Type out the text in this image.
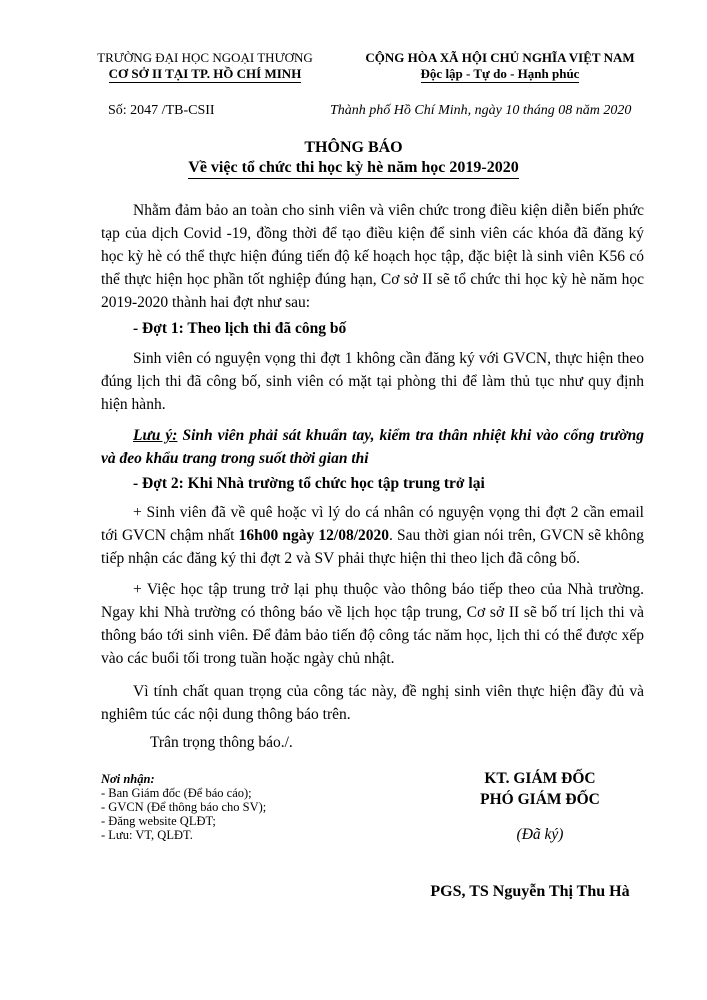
TRƯỜNG ĐẠI HỌC NGOẠI THƯƠNG
CƠ SỞ II TẠI TP. HỒ CHÍ MINH
CỘNG HÒA XÃ HỘI CHỦ NGHĨA VIỆT NAM
Độc lập - Tự do - Hạnh phúc
Số: 2047 /TB-CSII	Thành phố Hồ Chí Minh, ngày 10 tháng 08 năm 2020
THÔNG BÁO
Về việc tổ chức thi học kỳ hè năm học 2019-2020
Nhằm đảm bảo an toàn cho sinh viên và viên chức trong điều kiện diễn biến phức tạp của dịch Covid -19, đồng thời để tạo điều kiện để sinh viên các khóa đã đăng ký học kỳ hè có thể thực hiện đúng tiến độ kế hoạch học tập, đặc biệt là sinh viên K56 có thể thực hiện học phần tốt nghiệp đúng hạn, Cơ sở II sẽ tổ chức thi học kỳ hè năm học 2019-2020 thành hai đợt như sau:
- Đợt 1: Theo lịch thi đã công bố
Sinh viên có nguyện vọng thi đợt 1 không cần đăng ký với GVCN, thực hiện theo đúng lịch thi đã công bố, sinh viên có mặt tại phòng thi để làm thủ tục như quy định hiện hành.
Lưu ý: Sinh viên phải sát khuẩn tay, kiểm tra thân nhiệt khi vào cổng trường và đeo khẩu trang trong suốt thời gian thi
- Đợt 2: Khi Nhà trường tổ chức học tập trung trở lại
+ Sinh viên đã về quê hoặc vì lý do cá nhân có nguyện vọng thi đợt 2 cần email tới GVCN chậm nhất 16h00 ngày 12/08/2020. Sau thời gian nói trên, GVCN sẽ không tiếp nhận các đăng ký thi đợt 2 và SV phải thực hiện thi theo lịch đã công bố.
+ Việc học tập trung trở lại phụ thuộc vào thông báo tiếp theo của Nhà trường. Ngay khi Nhà trường có thông báo về lịch học tập trung, Cơ sở II sẽ bố trí lịch thi và thông báo tới sinh viên. Để đảm bảo tiến độ công tác năm học, lịch thi có thể được xếp vào các buổi tối trong tuần hoặc ngày chủ nhật.
Vì tính chất quan trọng của công tác này, đề nghị sinh viên thực hiện đầy đủ và nghiêm túc các nội dung thông báo trên.
Trân trọng thông báo./.
Nơi nhận:
- Ban Giám đốc (Để báo cáo);
- GVCN (Để thông báo cho SV);
- Đăng website QLĐT;
- Lưu: VT, QLĐT.
KT. GIÁM ĐỐC
PHÓ GIÁM ĐỐC
(Đã ký)
PGS, TS Nguyễn Thị Thu Hà
